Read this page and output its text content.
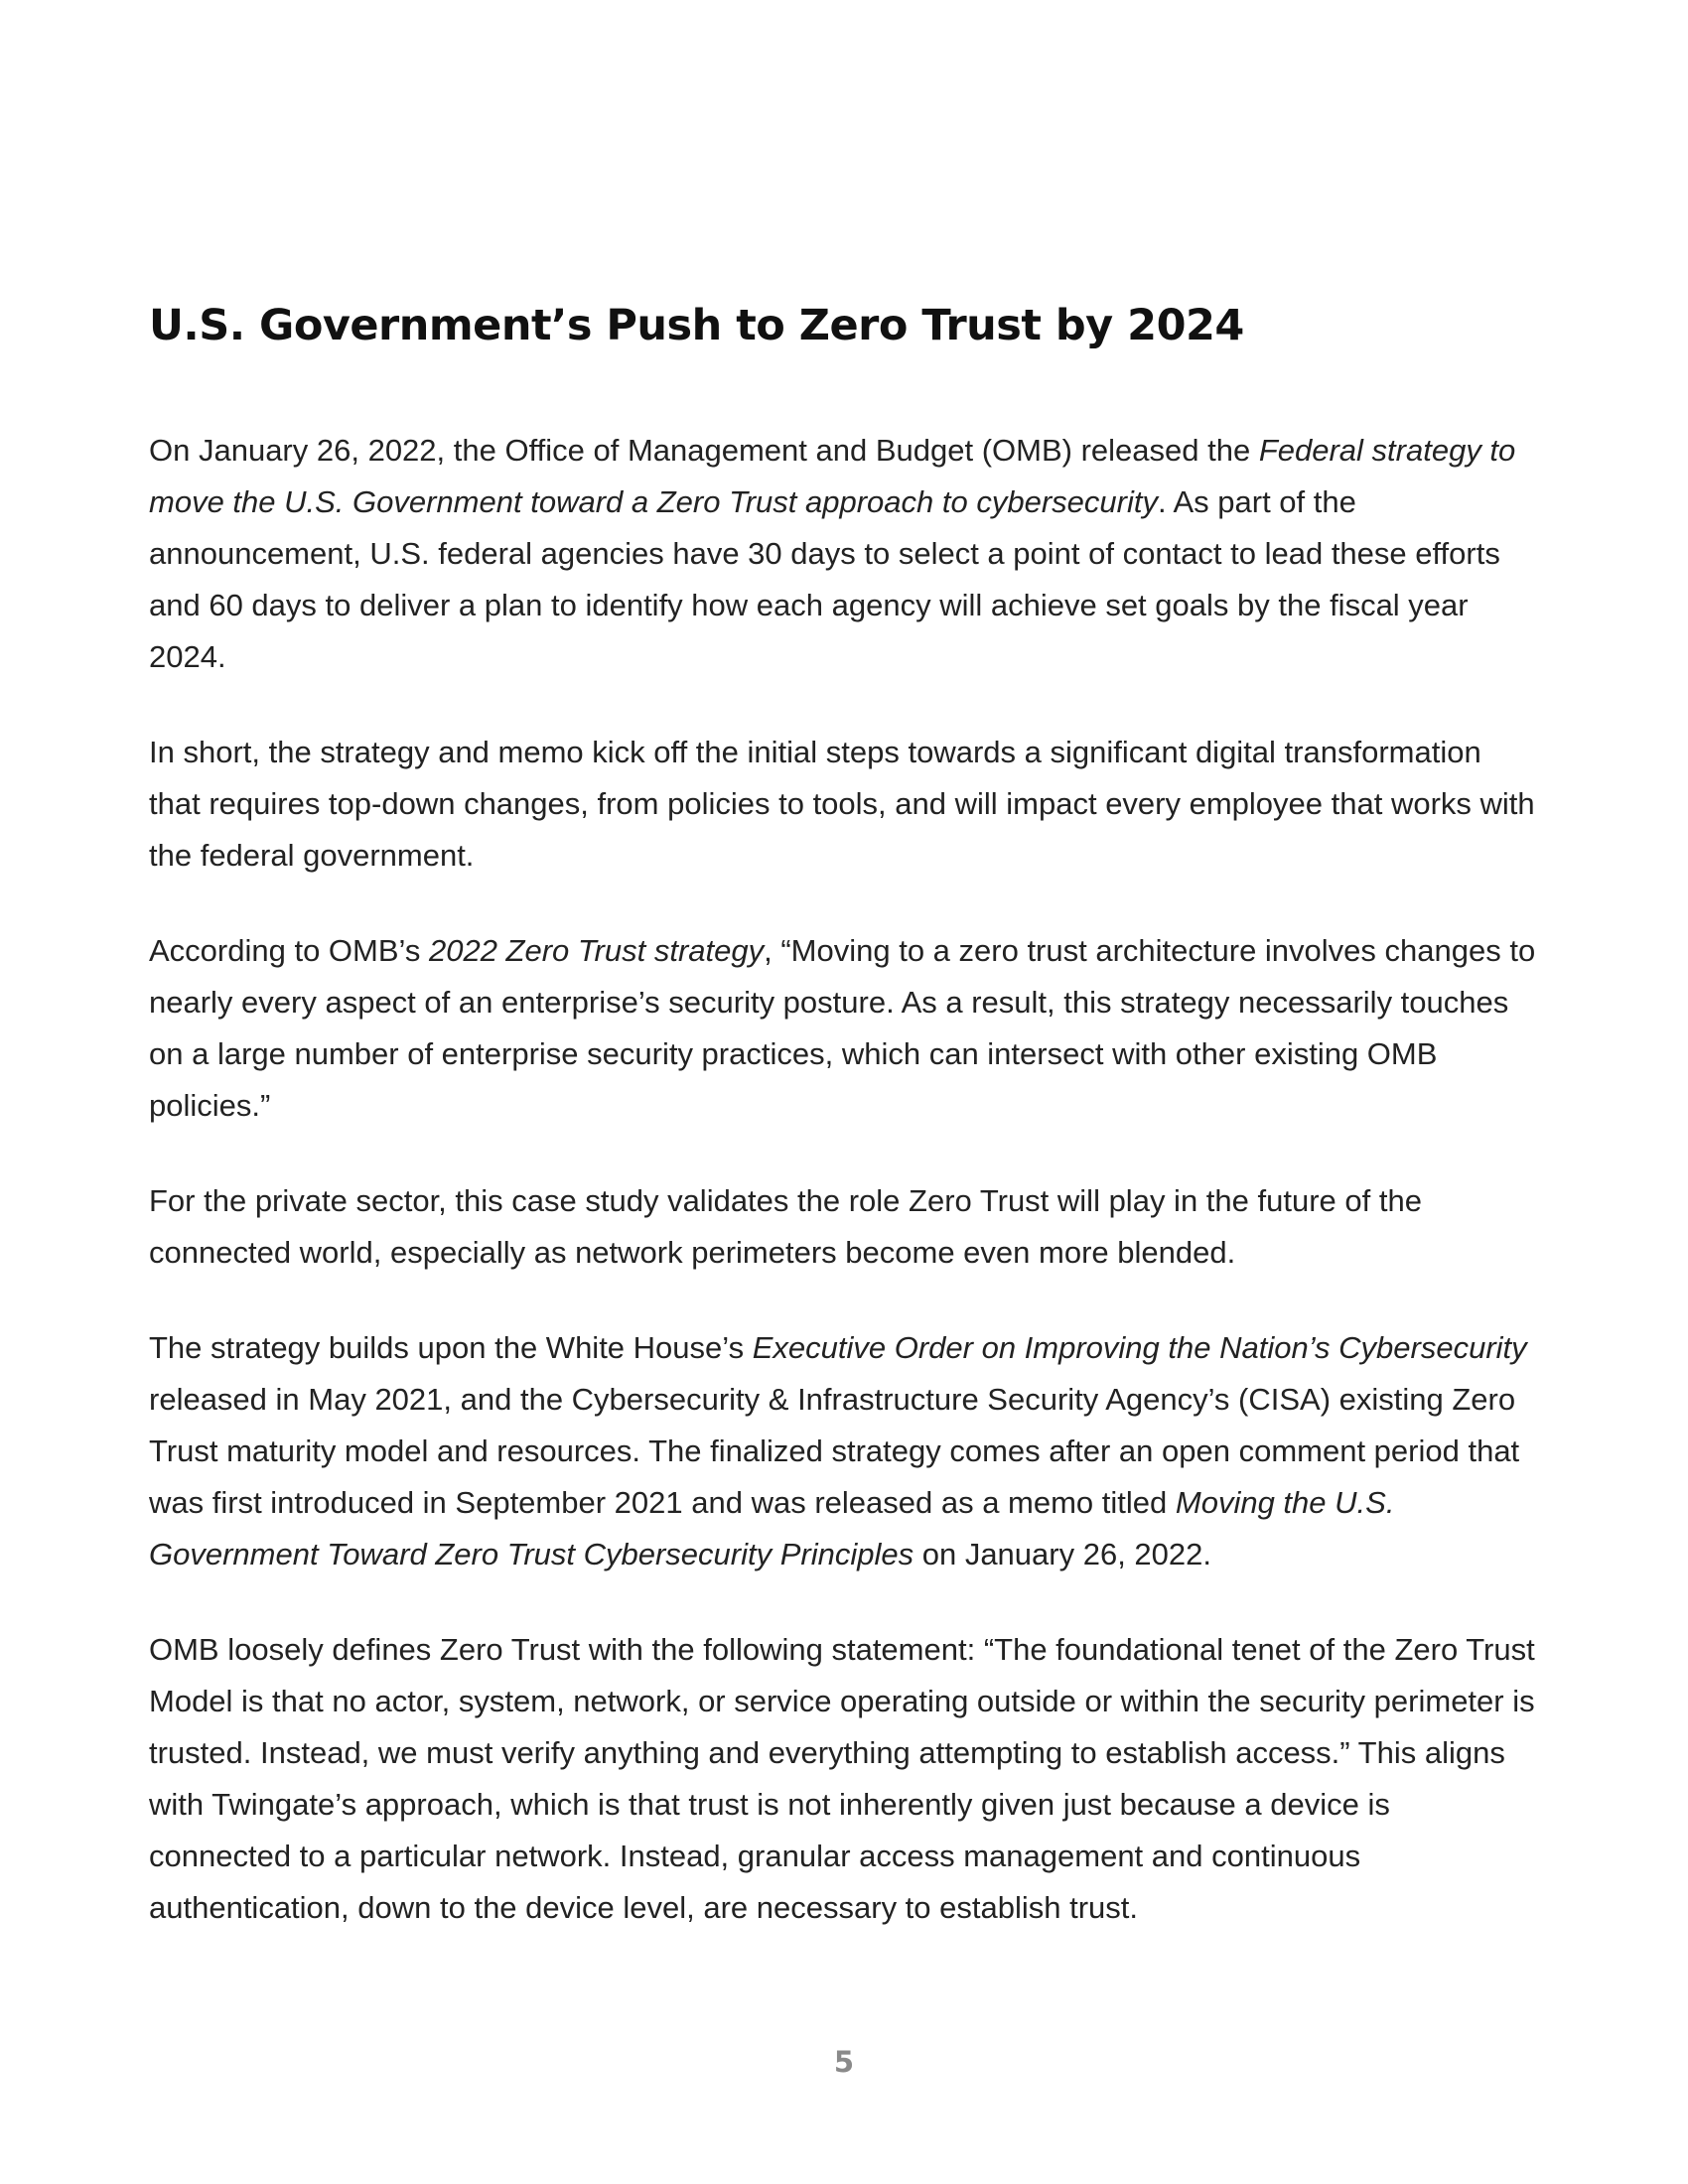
U.S. Government’s Push to Zero Trust by 2024

On January 26, 2022, the Office of Management and Budget (OMB) released the Federal strategy to move the U.S. Government toward a Zero Trust approach to cybersecurity. As part of the announcement, U.S. federal agencies have 30 days to select a point of contact to lead these efforts and 60 days to deliver a plan to identify how each agency will achieve set goals by the fiscal year 2024.

In short, the strategy and memo kick off the initial steps towards a significant digital transformation that requires top-down changes, from policies to tools, and will impact every employee that works with the federal government.

According to OMB’s 2022 Zero Trust strategy, “Moving to a zero trust architecture involves changes to nearly every aspect of an enterprise’s security posture. As a result, this strategy necessarily touches on a large number of enterprise security practices, which can intersect with other existing OMB policies.”

For the private sector, this case study validates the role Zero Trust will play in the future of the connected world, especially as network perimeters become even more blended.

The strategy builds upon the White House’s Executive Order on Improving the Nation’s Cybersecurity released in May 2021, and the Cybersecurity & Infrastructure Security Agency’s (CISA) existing Zero Trust maturity model and resources. The finalized strategy comes after an open comment period that was first introduced in September 2021 and was released as a memo titled Moving the U.S. Government Toward Zero Trust Cybersecurity Principles on January 26, 2022.

OMB loosely defines Zero Trust with the following statement: “The foundational tenet of the Zero Trust Model is that no actor, system, network, or service operating outside or within the security perimeter is trusted. Instead, we must verify anything and everything attempting to establish access.” This aligns with Twingate’s approach, which is that trust is not inherently given just because a device is connected to a particular network. Instead, granular access management and continuous authentication, down to the device level, are necessary to establish trust.

5
